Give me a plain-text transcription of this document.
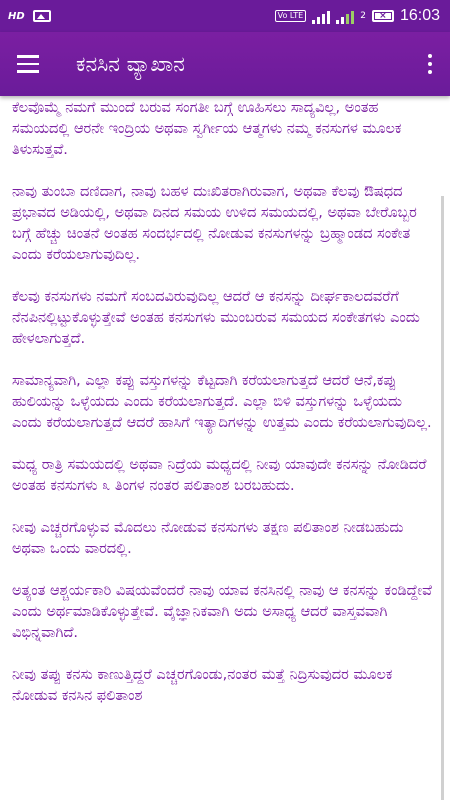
HD	Vo LTE	2 × 16:03
ಕನಸಿನ ವ್ಯಾಖಾನ

ಕೆಲವೊಮ್ಮೆ ನಮಗೆ ಮುಂದೆ ಬರುವ ಸಂಗತೀ ಬಗ್ಗೆ ಊಹಿಸಲು ಸಾದ್ಯವಿಲ್ಲ, ಅಂತಹ ಸಮಯದಲ್ಲಿ ಆರನೇ ಇಂದ್ರಿಯ ಅಥವಾ ಸ್ವರ್ಗೀಯ ಆತ್ಮಗಳು ನಮ್ಮ ಕನಸುಗಳ ಮೂಲಕ ತಿಳುಸುತ್ತವೆ.

ನಾವು ತುಂಬಾ ದಣಿದಾಗ, ನಾವು ಬಹಳ ದುಃಖಿತರಾಗಿರುವಾಗ, ಅಥವಾ ಕೆಲವು ಔಷಧದ ಪ್ರಭಾವದ ಅಡಿಯಲ್ಲಿ, ಅಥವಾ ದಿನದ ಸಮಯ ಉಳಿದ ಸಮಯದಲ್ಲಿ, ಅಥವಾ ಬೇರೊಬ್ಬರ ಬಗ್ಗೆ ಹೆಚ್ಚು ಚಿಂತನೆ ಅಂತಹ ಸಂದರ್ಭದಲ್ಲಿ ನೋಡುವ ಕನಸುಗಳನ್ನು ಬ್ರಹ್ಮಾಂಡದ ಸಂಕೇತ ಎಂದು ಕರೆಯಲಾಗುವುದಿಲ್ಲ.

ಕೆಲವು ಕನಸುಗಳು ನಮಗೆ ಸಂಬದವಿರುವುದಿಲ್ಲ ಆದರೆ ಆ ಕನಸನ್ನು ದೀರ್ಘಕಾಲದವರೆಗೆ ನೆನಪಿನಲ್ಲಿಟ್ಟುಕೊಳ್ಳುತ್ತೇವೆ ಅಂತಹ ಕನಸುಗಳು ಮುಂಬರುವ ಸಮಯದ ಸಂಕೇತಗಳು ಎಂದು ಹೇಳಲಾಗುತ್ತದೆ.

ಸಾಮಾನ್ಯವಾಗಿ, ಎಲ್ಲಾ ಕಪ್ಪು ವಸ್ತುಗಳನ್ನು ಕೆಟ್ಟದಾಗಿ ಕರೆಯಲಾಗುತ್ತದೆ ಆದರೆ ಆನೆ,ಕಪ್ಪು ಹುಲಿಯನ್ನು ಒಳ್ಳೆಯದು ಎಂದು ಕರೆಯಲಾಗುತ್ತದೆ. ಎಲ್ಲಾ ಬಿಳಿ ವಸ್ತುಗಳನ್ನು ಒಳ್ಳೆಯದು ಎಂದು ಕರೆಯಲಾಗುತ್ತದೆ ಆದರೆ ಹಾಸಿಗೆ ಇತ್ಯಾದಿಗಳನ್ನು ಉತ್ತಮ ಎಂದು ಕರೆಯಲಾಗುವುದಿಲ್ಲ.

ಮಧ್ಯ ರಾತ್ರಿ ಸಮಯದಲ್ಲಿ ಅಥವಾ ನಿದ್ರೆಯ ಮಧ್ಯದಲ್ಲಿ ನೀವು ಯಾವುದೇ ಕನಸನ್ನು ನೋಡಿದರೆ ಅಂತಹ ಕನಸುಗಳು ೩ ತಿಂಗಳ ನಂತರ ಪಲಿತಾಂಶ ಬರಬಹುದು.

ನೀವು ಎಚ್ಚರಗೊಳ್ಳುವ ಮೊದಲು ನೋಡುವ ಕನಸುಗಳು ತಕ್ಷಣ ಪಲಿತಾಂಶ ನೀಡಬಹುದು ಅಥವಾ ಒಂದು ವಾರದಲ್ಲಿ.

ಅತ್ಯಂತ ಆಶ್ಚರ್ಯಕಾರಿ ವಿಷಯವೆಂದರೆ ನಾವು ಯಾವ ಕನಸಿನಲ್ಲಿ ನಾವು ಆ ಕನಸನ್ನು ಕಂಡಿದ್ದೇವೆ ಎಂದು ಅರ್ಥಮಾಡಿಕೊಳ್ಳುತ್ತೇವೆ. ವೈಜ್ಞಾನಿಕವಾಗಿ ಅದು ಅಸಾಧ್ಯ ಆದರೆ ವಾಸ್ತವವಾಗಿ ವಿಭಿನ್ನವಾಗಿದೆ.

ನೀವು ತಪ್ಪು ಕನಸು ಕಾಣುತ್ತಿದ್ದರೆ ಎಚ್ಚರಗೊಂಡು,ನಂತರ ಮತ್ತೆ ನಿದ್ರಿಸುವುದರ ಮೂಲಕ ನೋಡುವ ಕನಸಿನ ಫಲಿತಾಂಶ
